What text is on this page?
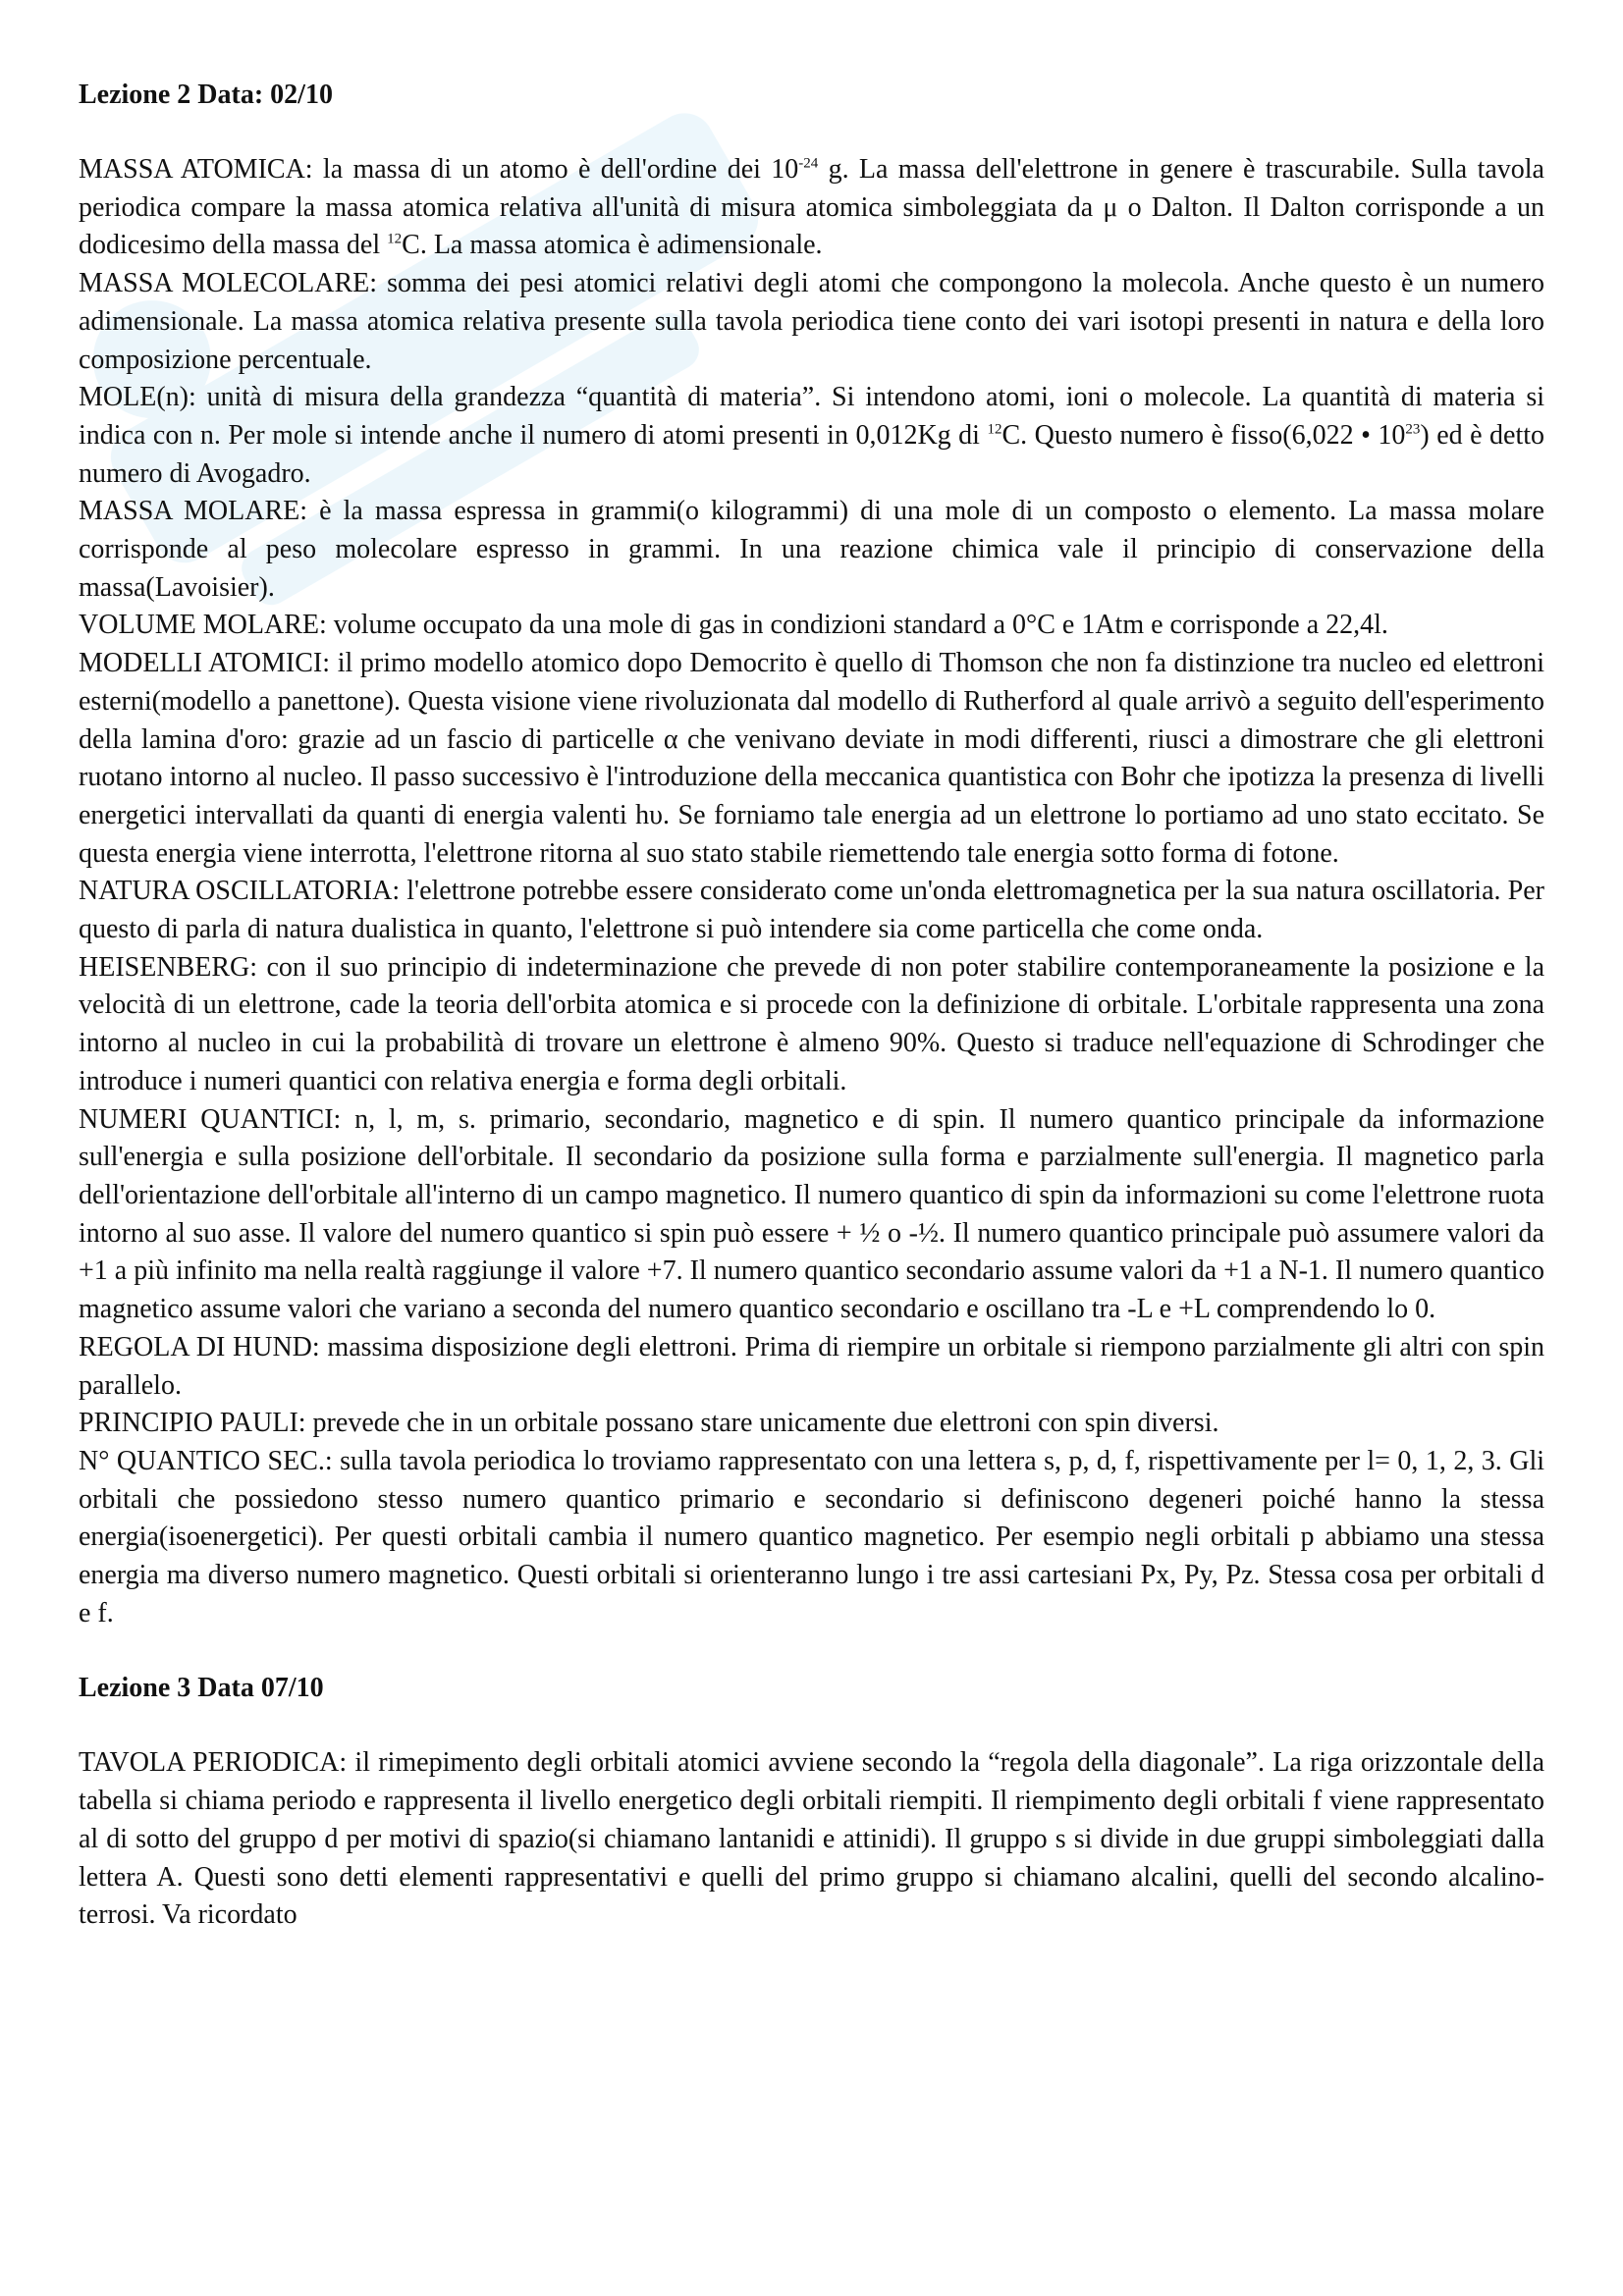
Lezione 2 Data: 02/10

MASSA ATOMICA: la massa di un atomo è dell'ordine dei $10^{-24}$ g. La massa dell'elettrone in genere è trascurabile. Sulla tavola periodica compare la massa atomica relativa all'unità di misura atomica simboleggiata da μ o Dalton. Il Dalton corrisponde a un dodicesimo della massa del $^{12}$C. La massa atomica è adimensionale.

MASSA MOLECOLARE: somma dei pesi atomici relativi degli atomi che compongono la molecola. Anche questo è un numero adimensionale. La massa atomica relativa presente sulla tavola periodica tiene conto dei vari isotopi presenti in natura e della loro composizione percentuale.

MOLE(n): unità di misura della grandezza “quantità di materia”. Si intendono atomi, ioni o molecole. La quantità di materia si indica con n. Per mole si intende anche il numero di atomi presenti in 0,012Kg di $^{12}$C. Questo numero è fisso(6,022 • $10^{23}$) ed è detto numero di Avogadro.

MASSA MOLARE: è la massa espressa in grammi(o kilogrammi) di una mole di un composto o elemento. La massa molare corrisponde al peso molecolare espresso in grammi. In una reazione chimica vale il principio di conservazione della massa(Lavoisier).

VOLUME MOLARE: volume occupato da una mole di gas in condizioni standard a 0°C e 1Atm e corrisponde a 22,4l.

MODELLI ATOMICI: il primo modello atomico dopo Democrito è quello di Thomson che non fa distinzione tra nucleo ed elettroni esterni(modello a panettone). Questa visione viene rivoluzionata dal modello di Rutherford al quale arrivò a seguito dell'esperimento della lamina d'oro: grazie ad un fascio di particelle α che venivano deviate in modi differenti, riusci a dimostrare che gli elettroni ruotano intorno al nucleo. Il passo successivo è l'introduzione della meccanica quantistica con Bohr che ipotizza la presenza di livelli energetici intervallati da quanti di energia valenti hυ. Se forniamo tale energia ad un elettrone lo portiamo ad uno stato eccitato. Se questa energia viene interrotta, l'elettrone ritorna al suo stato stabile riemettendo tale energia sotto forma di fotone.

NATURA OSCILLATORIA: l'elettrone potrebbe essere considerato come un'onda elettromagnetica per la sua natura oscillatoria. Per questo di parla di natura dualistica in quanto, l'elettrone si può intendere sia come particella che come onda.

HEISENBERG: con il suo principio di indeterminazione che prevede di non poter stabilire contemporaneamente la posizione e la velocità di un elettrone, cade la teoria dell'orbita atomica e si procede con la definizione di orbitale. L'orbitale rappresenta una zona intorno al nucleo in cui la probabilità di trovare un elettrone è almeno 90%. Questo si traduce nell'equazione di Schrodinger che introduce i numeri quantici con relativa energia e forma degli orbitali.

NUMERI QUANTICI: n, l, m, s. primario, secondario, magnetico e di spin. Il numero quantico principale da informazione sull'energia e sulla posizione dell'orbitale. Il secondario da posizione sulla forma e parzialmente sull'energia. Il magnetico parla dell'orientazione dell'orbitale all'interno di un campo magnetico. Il numero quantico di spin da informazioni su come l'elettrone ruota intorno al suo asse. Il valore del numero quantico si spin può essere + ½ o -½. Il numero quantico principale può assumere valori da +1 a più infinito ma nella realtà raggiunge il valore +7. Il numero quantico secondario assume valori da +1 a N-1. Il numero quantico magnetico assume valori che variano a seconda del numero quantico secondario e oscillano tra -L e +L comprendendo lo 0.

REGOLA DI HUND: massima disposizione degli elettroni. Prima di riempire un orbitale si riempono parzialmente gli altri con spin parallelo.

PRINCIPIO PAULI: prevede che in un orbitale possano stare unicamente due elettroni con spin diversi.

N° QUANTICO SEC.: sulla tavola periodica lo troviamo rappresentato con una lettera s, p, d, f, rispettivamente per l= 0, 1, 2, 3. Gli orbitali che possiedono stesso numero quantico primario e secondario si definiscono degeneri poiché hanno la stessa energia(isoenergetici). Per questi orbitali cambia il numero quantico magnetico. Per esempio negli orbitali p abbiamo una stessa energia ma diverso numero magnetico. Questi orbitali si orienteranno lungo i tre assi cartesiani Px, Py, Pz. Stessa cosa per orbitali d e f.

Lezione 3 Data 07/10

TAVOLA PERIODICA: il rimepimento degli orbitali atomici avviene secondo la “regola della diagonale”. La riga orizzontale della tabella si chiama periodo e rappresenta il livello energetico degli orbitali riempiti. Il riempimento degli orbitali f viene rappresentato al di sotto del gruppo d per motivi di spazio(si chiamano lantanidi e attinidi). Il gruppo s si divide in due gruppi simboleggiati dalla lettera A. Questi sono detti elementi rappresentativi e quelli del primo gruppo si chiamano alcalini, quelli del secondo alcalino-terrosi. Va ricordato
